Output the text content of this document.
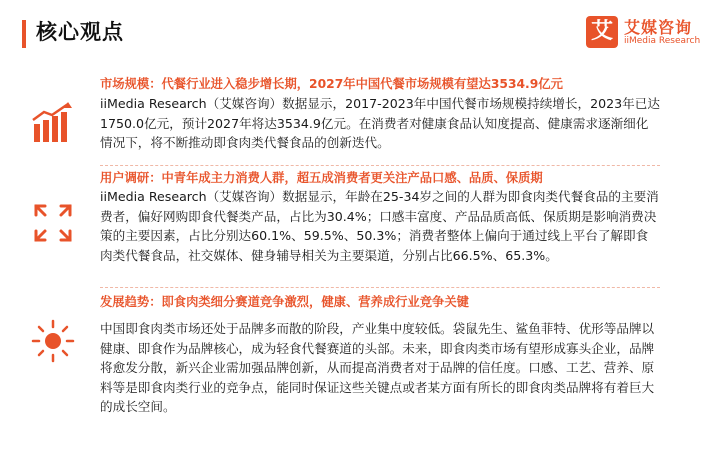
核心观点	艾 艾媒咨询
iiMedia Research
市场规模：代餐行业进入稳步增长期，2027年中国代餐市场规模有望达3534.9亿元
iiMedia Research（艾媒咨询）数据显示，2017-2023年中国代餐市场规模持续增长，2023年已达1750.0亿元，预计2027年将达3534.9亿元。在消费者对健康食品认知度提高、健康需求逐渐细化情况下，将不断推动即食肉类代餐食品的创新迭代。
用户调研：中青年成主力消费人群，超五成消费者更关注产品口感、品质、保质期
iiMedia Research（艾媒咨询）数据显示，年龄在25-34岁之间的人群为即食肉类代餐食品的主要消费者，偏好网购即食代餐类产品，占比为30.4%；口感丰富度、产品品质高低、保质期是影响消费决策的主要因素，占比分别达60.1%、59.5%、50.3%；消费者整体上偏向于通过线上平台了解即食肉类代餐食品，社交媒体、健身辅导相关为主要渠道，分别占比66.5%、65.3%。
发展趋势：即食肉类细分赛道竞争激烈，健康、营养成行业竞争关键
中国即食肉类市场还处于品牌多而散的阶段，产业集中度较低。袋鼠先生、鲨鱼菲特、优形等品牌以健康、即食作为品牌核心，成为轻食代餐赛道的头部。未来，即食肉类市场有望形成寡头企业，品牌将愈发分散，新兴企业需加强品牌创新，从而提高消费者对于品牌的信任度。口感、工艺、营养、原料等是即食肉类行业的竞争点，能同时保证这些关键点或者某方面有所长的即食肉类品牌将有着巨大的成长空间。
